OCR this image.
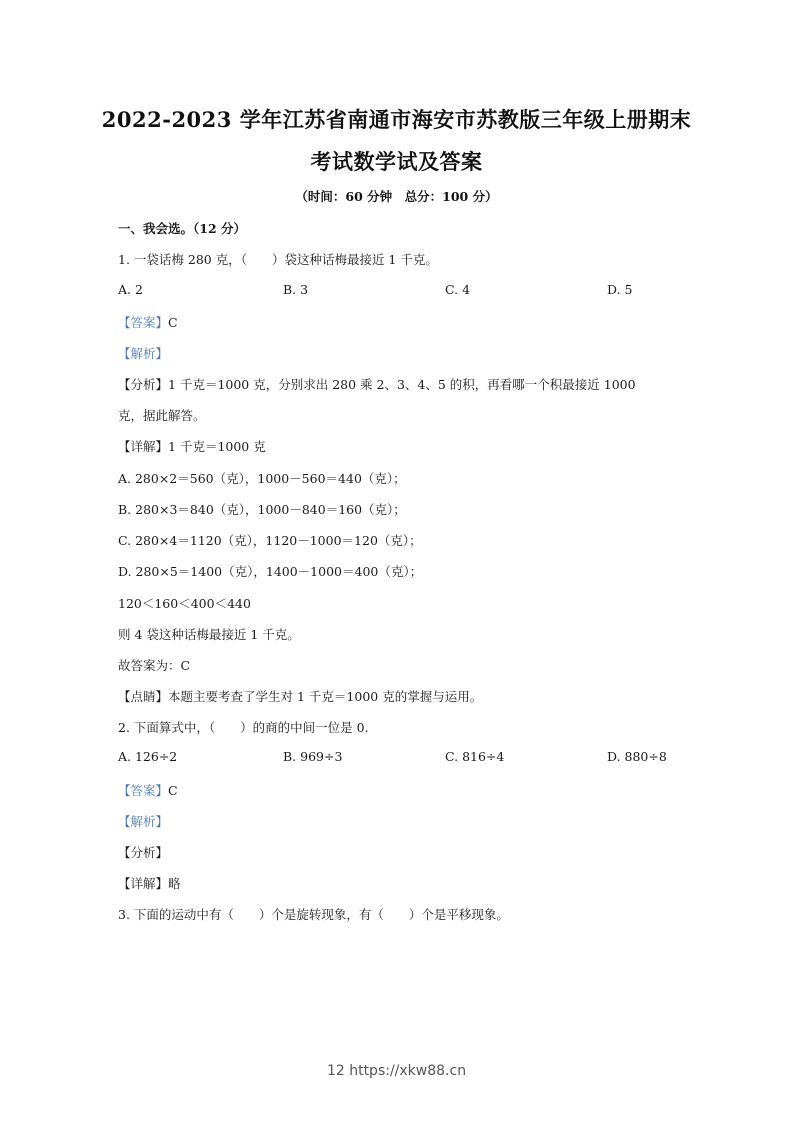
2022-2023 学年江苏省南通市海安市苏教版三年级上册期末
考试数学试及答案
（时间：60 分钟　总分：100 分）
一、我会选。（12 分）
1. 一袋话梅 280 克，（　　）袋这种话梅最接近 1 千克。
A. 2	B. 3	C. 4	D. 5
【答案】C
【解析】
【分析】1 千克＝1000 克，分别求出 280 乘 2、3、4、5 的积，再看哪一个积最接近 1000
克，据此解答。
【详解】1 千克＝1000 克
A. 280×2＝560（克），1000－560＝440（克）；
B. 280×3＝840（克），1000－840＝160（克）；
C. 280×4＝1120（克），1120－1000＝120（克）；
D. 280×5＝1400（克），1400－1000＝400（克）；
120＜160＜400＜440
则 4 袋这种话梅最接近 1 千克。
故答案为：C
【点睛】本题主要考查了学生对 1 千克＝1000 克的掌握与运用。
2. 下面算式中，（　　）的商的中间一位是 0.
A. 126÷2	B. 969÷3	C. 816÷4	D. 880÷8
【答案】C
【解析】
【分析】
【详解】略
3. 下面的运动中有（　　）个是旋转现象，有（　　）个是平移现象。
12 https://xkw88.cn
